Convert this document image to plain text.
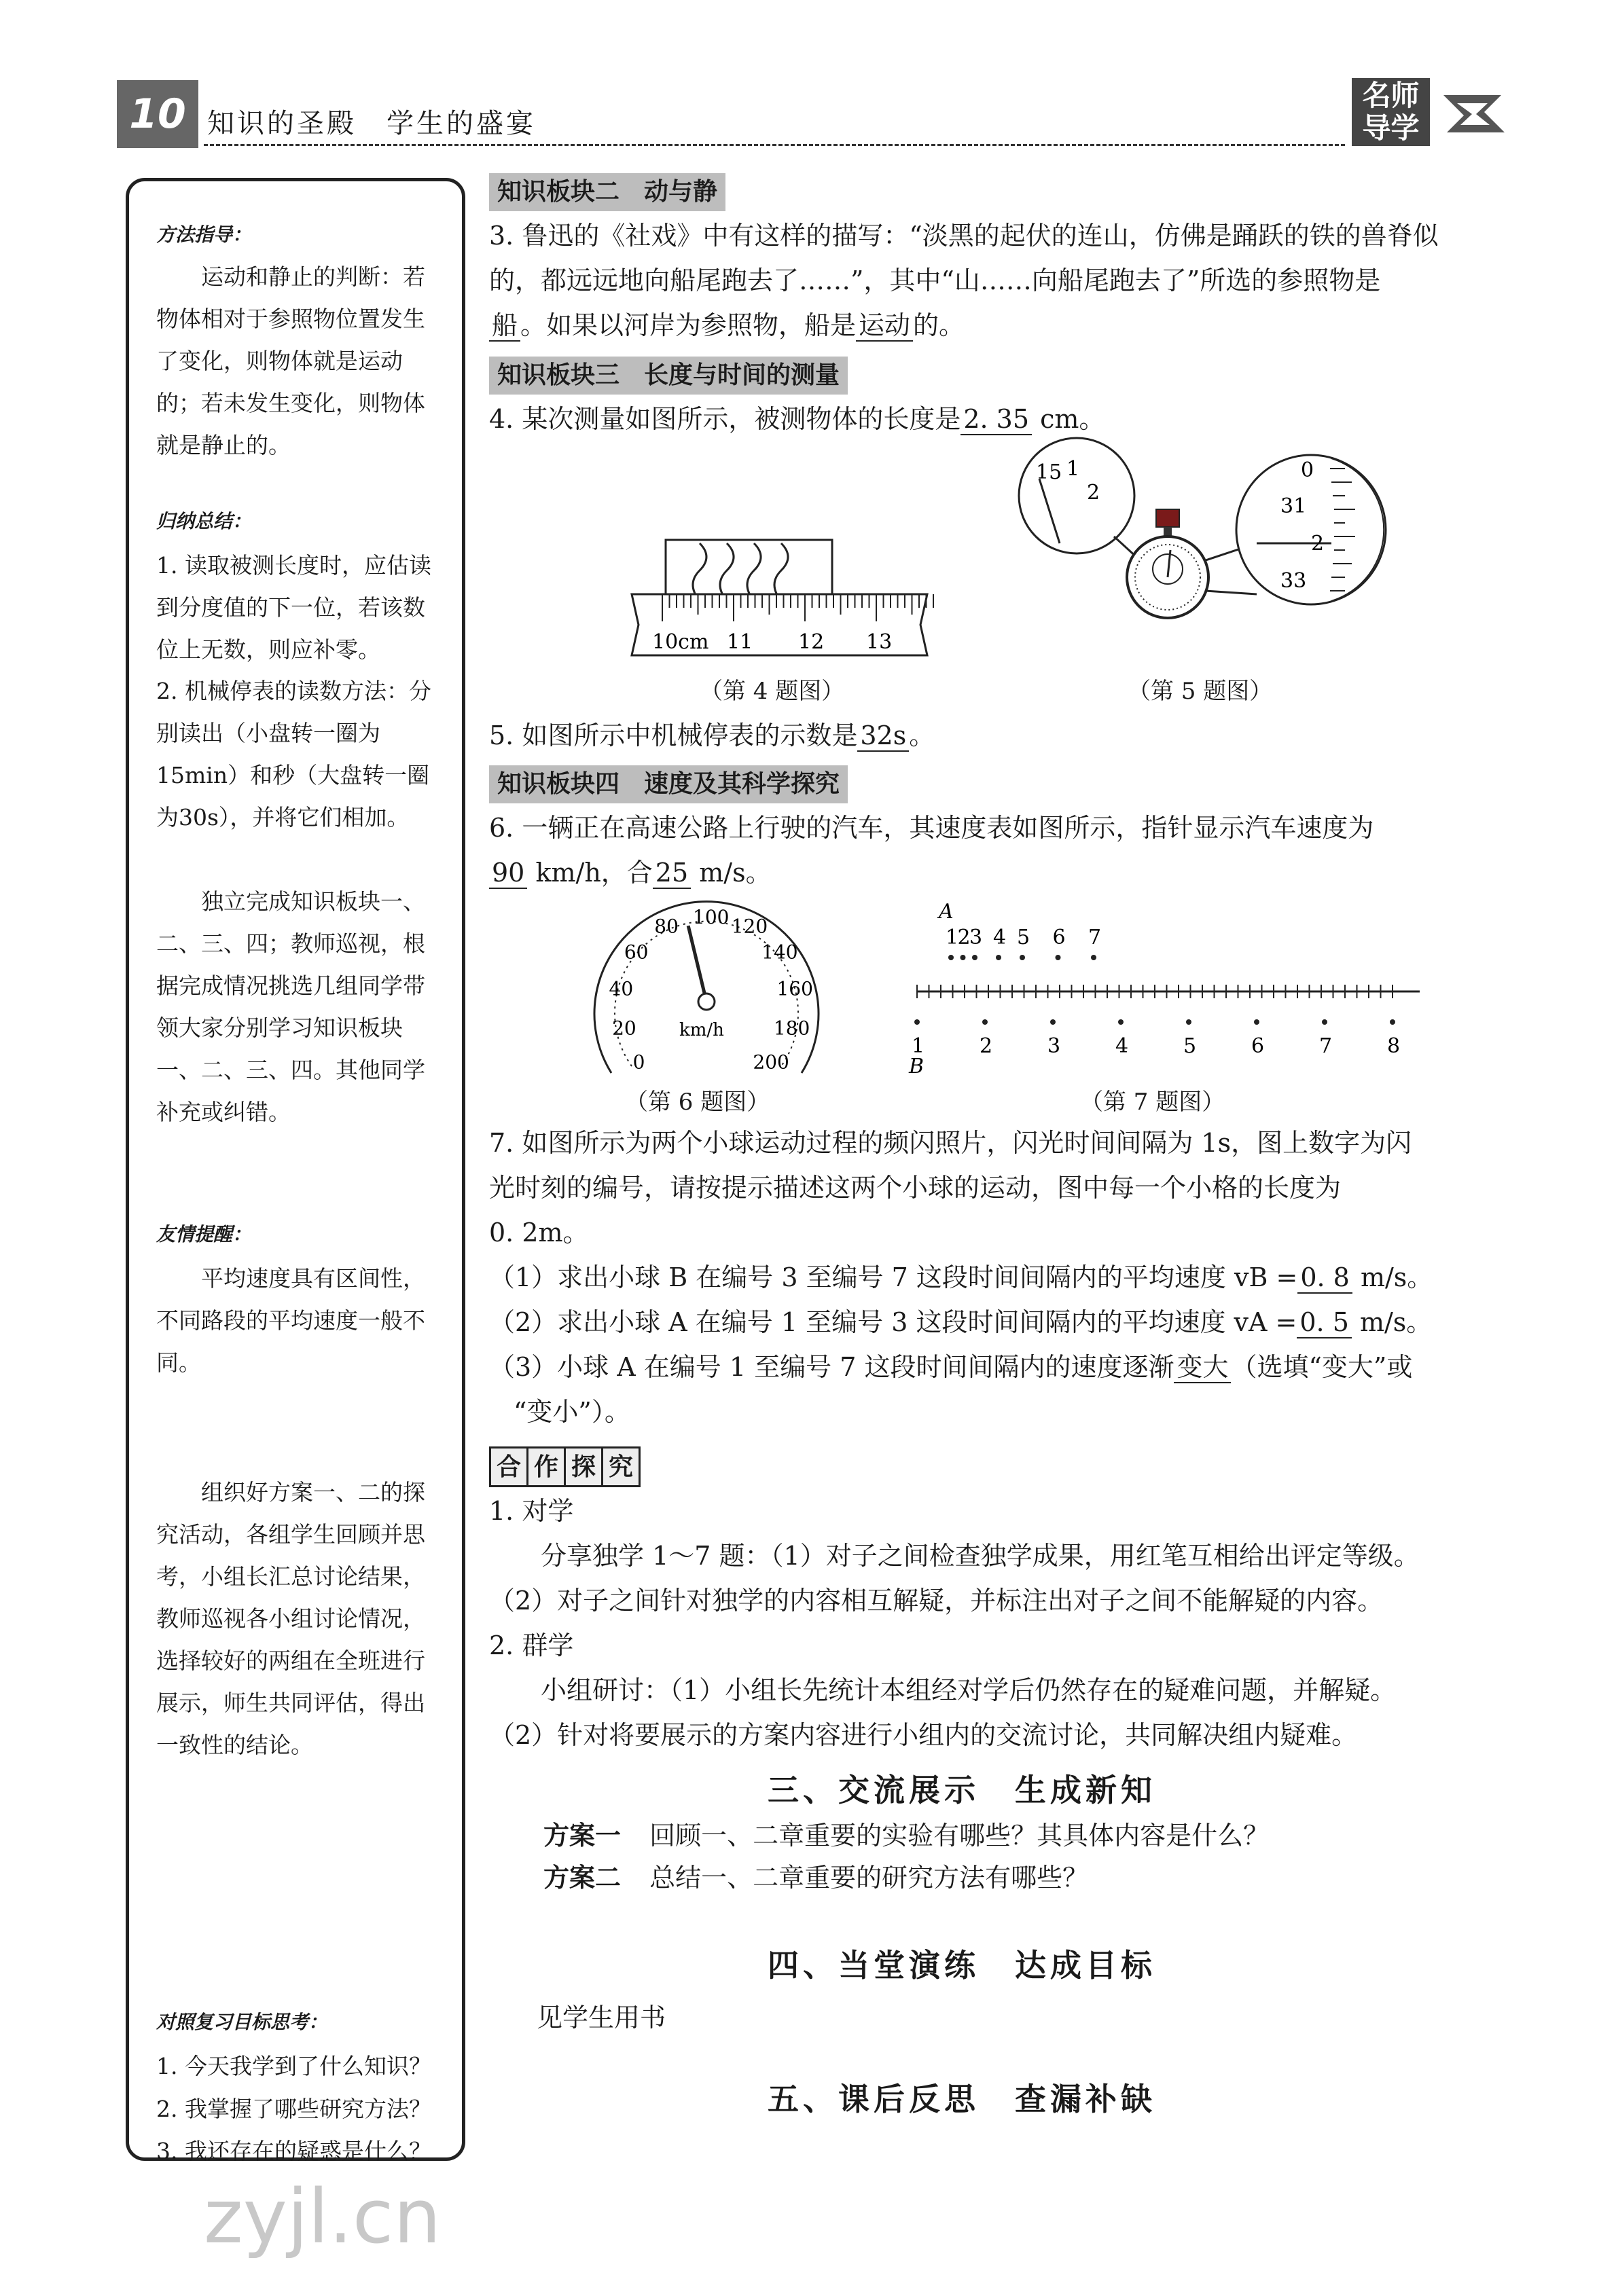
10 知识的圣殿　学生的盛宴
名师导学
方法指导：
运动和静止的判断：若物体相对于参照物位置发生了变化，则物体就是运动的；若未发生变化，则物体就是静止的。
归纳总结：
1. 读取被测长度时，应估读到分度值的下一位，若该数位上无数，则应补零。
2. 机械停表的读数方法：分别读出（小盘转一圈为15min）和秒（大盘转一圈为30s），并将它们相加。
独立完成知识板块一、二、三、四；教师巡视，根据完成情况挑选几组同学带领大家分别学习知识板块一、二、三、四。其他同学补充或纠错。
友情提醒：
平均速度具有区间性，不同路段的平均速度一般不同。
组织好方案一、二的探究活动，各组学生回顾并思考，小组长汇总讨论结果，教师巡视各小组讨论情况，选择较好的两组在全班进行展示，师生共同评估，得出一致性的结论。
对照复习目标思考：
1. 今天我学到了什么知识？
2. 我掌握了哪些研究方法？
3. 我还存在的疑惑是什么？
知识板块二　动与静
3. 鲁迅的《社戏》中有这样的描写：“淡黑的起伏的连山，仿佛是踊跃的铁的兽脊似
的，都远远地向船尾跑去了……”，其中“山……向船尾跑去了”所选的参照物是
船 。如果以河岸为参照物，船是 运动 的。
知识板块三　长度与时间的测量
4. 某次测量如图所示，被测物体的长度是 2. 35 cm。
10cm 11 12 13
（第 4 题图）
15 1
2
0
31
2
33
（第 5 题图）
5. 如图所示中机械停表的示数是 32s 。
知识板块四　速度及其科学探究
6. 一辆正在高速公路上行驶的汽车，其速度表如图所示，指针显示汽车速度为
90 km/h，合 25 m/s。
0
20
40
60
80 100 120
140
160
180
200
km/h
（第 6 题图）
A
1
2
3 4 5 6 7
1	2	3	4	5	6	7	8
B
（第 7 题图）
7. 如图所示为两个小球运动过程的频闪照片，闪光时间间隔为 1s，图上数字为闪
光时刻的编号，请按提示描述这两个小球的运动，图中每一个小格的长度为
0. 2m。
（1）求出小球 B 在编号 3 至编号 7 这段时间间隔内的平均速度 vB = 0. 8 m/s。
（2）求出小球 A 在编号 1 至编号 3 这段时间间隔内的平均速度 vA = 0. 5 m/s。
（3）小球 A 在编号 1 至编号 7 这段时间间隔内的速度逐渐 变大 （选填“变大”或
“变小”）。
合 作 探 究
1. 对学
分享独学 1～7 题：（1）对子之间检查独学成果，用红笔互相给出评定等级。
（2）对子之间针对独学的内容相互解疑，并标注出对子之间不能解疑的内容。
2. 群学
小组研讨：（1）小组长先统计本组经对学后仍然存在的疑难问题，并解疑。
（2）针对将要展示的方案内容进行小组内的交流讨论，共同解决组内疑难。
三、交流展示　生成新知
方案一 回顾一、二章重要的实验有哪些？其具体内容是什么？
方案二 总结一、二章重要的研究方法有哪些？
四、当堂演练　达成目标
见学生用书
五、课后反思　查漏补缺
zyjl.cn
